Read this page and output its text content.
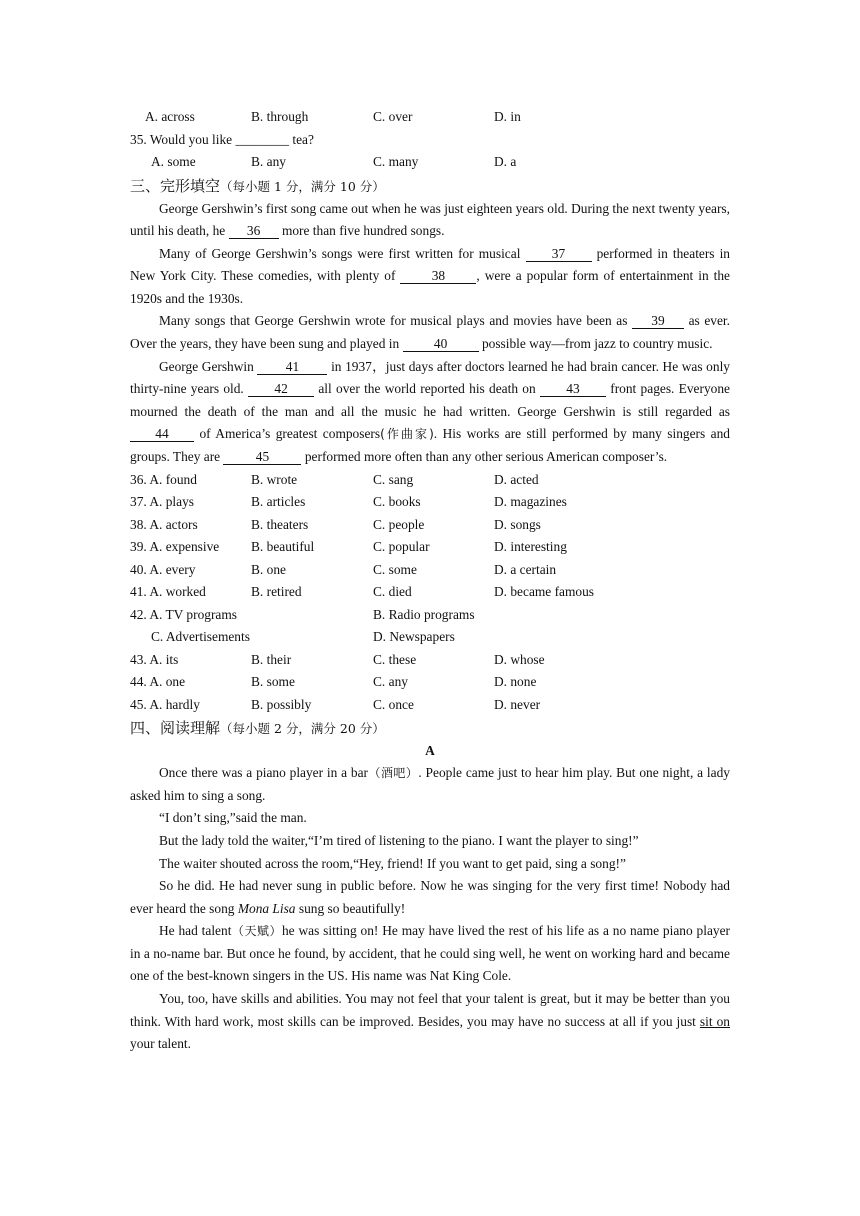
A. across	B. through	C. over	D. in
35. Would you like ________ tea?
A. some	B. any	C. many	D. a
三、完形填空（每小题 1 分，满分 10 分）

George Gershwin’s first song came out when he was just eighteen years old. During the next twenty years, until his death, he 36 more than five hundred songs.

Many of George Gershwin’s songs were first written for musical 37 performed in theaters in New York City. These comedies, with plenty of	38 , were a popular form of entertainment in the 1920s and the 1930s.

Many songs that George Gershwin wrote for musical plays and movies have been as 39 as ever. Over the years, they have been sung and played in	40	possible way—from jazz to country music.

George Gershwin 41 in 1937，just days after doctors learned he had brain cancer. He was only thirty-nine years old. 42 all over the world reported his death on 43 front pages. Everyone mourned the death of the man and all the music he had written. George Gershwin is still regarded as 44 of America’s greatest composers(作曲家). His works are still performed by many singers and groups. They are	45	performed more often than any other serious American composer’s.

36. A. found	B. wrote	C. sang	D. acted
37. A. plays	B. articles	C. books	D. magazines
38. A. actors	B. theaters	C. people	D. songs
39. A. expensive B. beautiful	C. popular	D. interesting
40. A. every	B. one	C. some	D. a certain
41. A. worked	B. retired	C. died	D. became famous
42. A. TV programs	B. Radio programs
C. Advertisements	D. Newspapers
43. A. its	B. their	C. these	D. whose
44. A. one	B. some	C. any	D. none
45. A. hardly	B. possibly	C. once	D. never
四、阅读理解（每小题 2 分，满分 20 分）
A

Once there was a piano player in a bar（酒吧）. People came just to hear him play. But one night, a lady asked him to sing a song.

“I don’t sing,”said the man.

But the lady told the waiter,“I’m tired of listening to the piano. I want the player to sing!”

The waiter shouted across the room,“Hey, friend! If you want to get paid, sing a song!”

So he did. He had never sung in public before. Now he was singing for the very first time! Nobody had ever heard the song Mona Lisa sung so beautifully!

He had talent（天赋）he was sitting on! He may have lived the rest of his life as a no name piano player in a no-name bar. But once he found, by accident, that he could sing well, he went on working hard and became one of the best-known singers in the US. His name was Nat King Cole.

You, too, have skills and abilities. You may not feel that your talent is great, but it may be better than you think. With hard work, most skills can be improved. Besides, you may have no success at all if you just sit on your talent.
